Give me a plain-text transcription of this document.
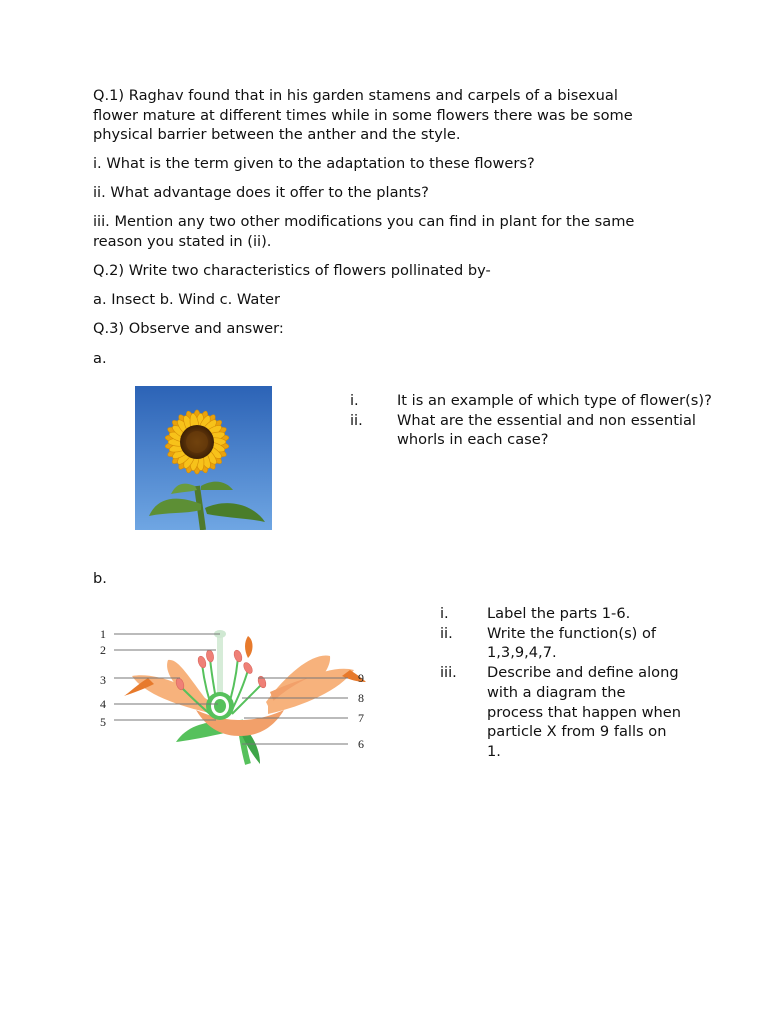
Q.1) Raghav found that in his garden stamens and carpels of a bisexual

flower mature at different times while in some flowers there was be some

physical barrier between the anther and the style.

i. What is the term given to the adaptation to these flowers?

ii. What advantage does it offer to the plants?

iii. Mention any two other modifications you can find in plant for the same

reason you stated in (ii).

Q.2) Write two characteristics of flowers pollinated by-

a. Insect b. Wind c. Water

Q.3) Observe and answer:

a.

i.	It is an example of which type of flower(s)?
ii. What are the essential and non essential whorls in each case?

b.

1
2
3
4
5
9
8
7
6
i.	Label the parts 1-6.
ii. Write the function(s) of 1,3,9,4,7.
iii. Describe and define along with a diagram the process that happen when particle X from 9 falls on 1.
